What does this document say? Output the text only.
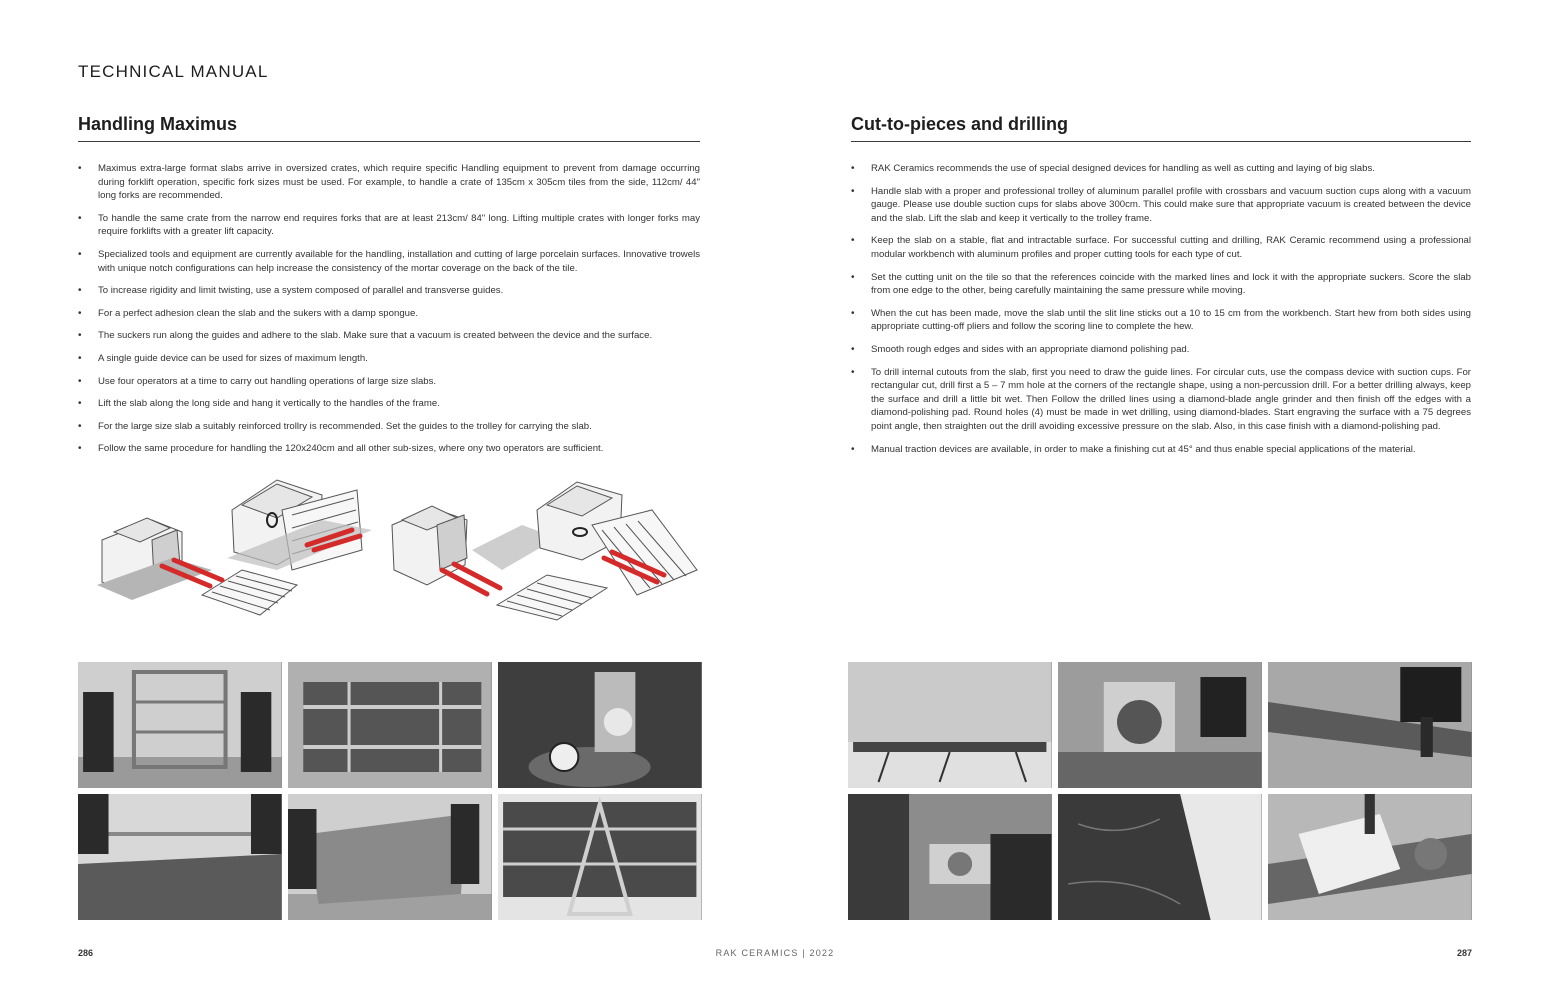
TECHNICAL MANUAL
Handling Maximus
• Maximus extra-large format slabs arrive in oversized crates, which require specific Handling equipment to prevent from damage occurring during forklift operation, specific fork sizes must be used. For example, to handle a crate of 135cm x 305cm tiles from the side, 112cm/ 44" long forks are recommended.
• To handle the same crate from the narrow end requires forks that are at least 213cm/ 84" long. Lifting multiple crates with longer forks may require forklifts with a greater lift capacity.
• Specialized tools and equipment are currently available for the handling, installation and cutting of large porcelain surfaces. Innovative trowels with unique notch configurations can help increase the consistency of the mortar coverage on the back of the tile.
• To increase rigidity and limit twisting, use a system composed of parallel and transverse guides.
• For a perfect adhesion clean the slab and the sukers with a damp spongue.
• The suckers run along the guides and adhere to the slab. Make sure that a vacuum is created between the device and the surface.
• A single guide device can be used for sizes of maximum length.
• Use four operators at a time to carry out handling operations of large size slabs.
• Lift the slab along the long side and hang it vertically to the handles of the frame.
• For the large size slab a suitably reinforced trollry is recommended. Set the guides to the trolley for carrying the slab.
• Follow the same procedure for handling the 120x240cm and all other sub-sizes, where ony two operators are sufficient.
Cut-to-pieces and drilling
• RAK Ceramics recommends the use of special designed devices for handling as well as cutting and laying of big slabs.
• Handle slab with a proper and professional trolley of aluminum parallel profile with crossbars and vacuum suction cups along with a vacuum gauge. Please use double suction cups for slabs above 300cm. This could make sure that appropriate vacuum is created between the device and the slab. Lift the slab and keep it vertically to the trolley frame.
• Keep the slab on a stable, flat and intractable surface. For successful cutting and drilling, RAK Ceramic recommend using a professional modular workbench with aluminum profiles and proper cutting tools for each type of cut.
• Set the cutting unit on the tile so that the references coincide with the marked lines and lock it with the appropriate suckers. Score the slab from one edge to the other, being carefully maintaining the same pressure while moving.
• When the cut has been made, move the slab until the slit line sticks out a 10 to 15 cm from the workbench. Start hew from both sides using appropriate cutting-off pliers and follow the scoring line to complete the hew.
• Smooth rough edges and sides with an appropriate diamond polishing pad.
• To drill internal cutouts from the slab, first you need to draw the guide lines. For circular cuts, use the compass device with suction cups. For rectangular cut, drill first a 5 – 7 mm hole at the corners of the rectangle shape, using a non-percussion drill. For a better drilling always, keep the surface and drill a little bit wet. Then Follow the drilled lines using a diamond-blade angle grinder and then finish off the edges with a diamond-polishing pad. Round holes (4) must be made in wet drilling, using diamond-blades. Start engraving the surface with a 75 degrees point angle, then straighten out the drill avoiding excessive pressure on the slab. Also, in this case finish with a diamond-polishing pad.
• Manual traction devices are available, in order to make a finishing cut at 45° and thus enable special applications of the material.
286	RAK CERAMICS | 2022	287
